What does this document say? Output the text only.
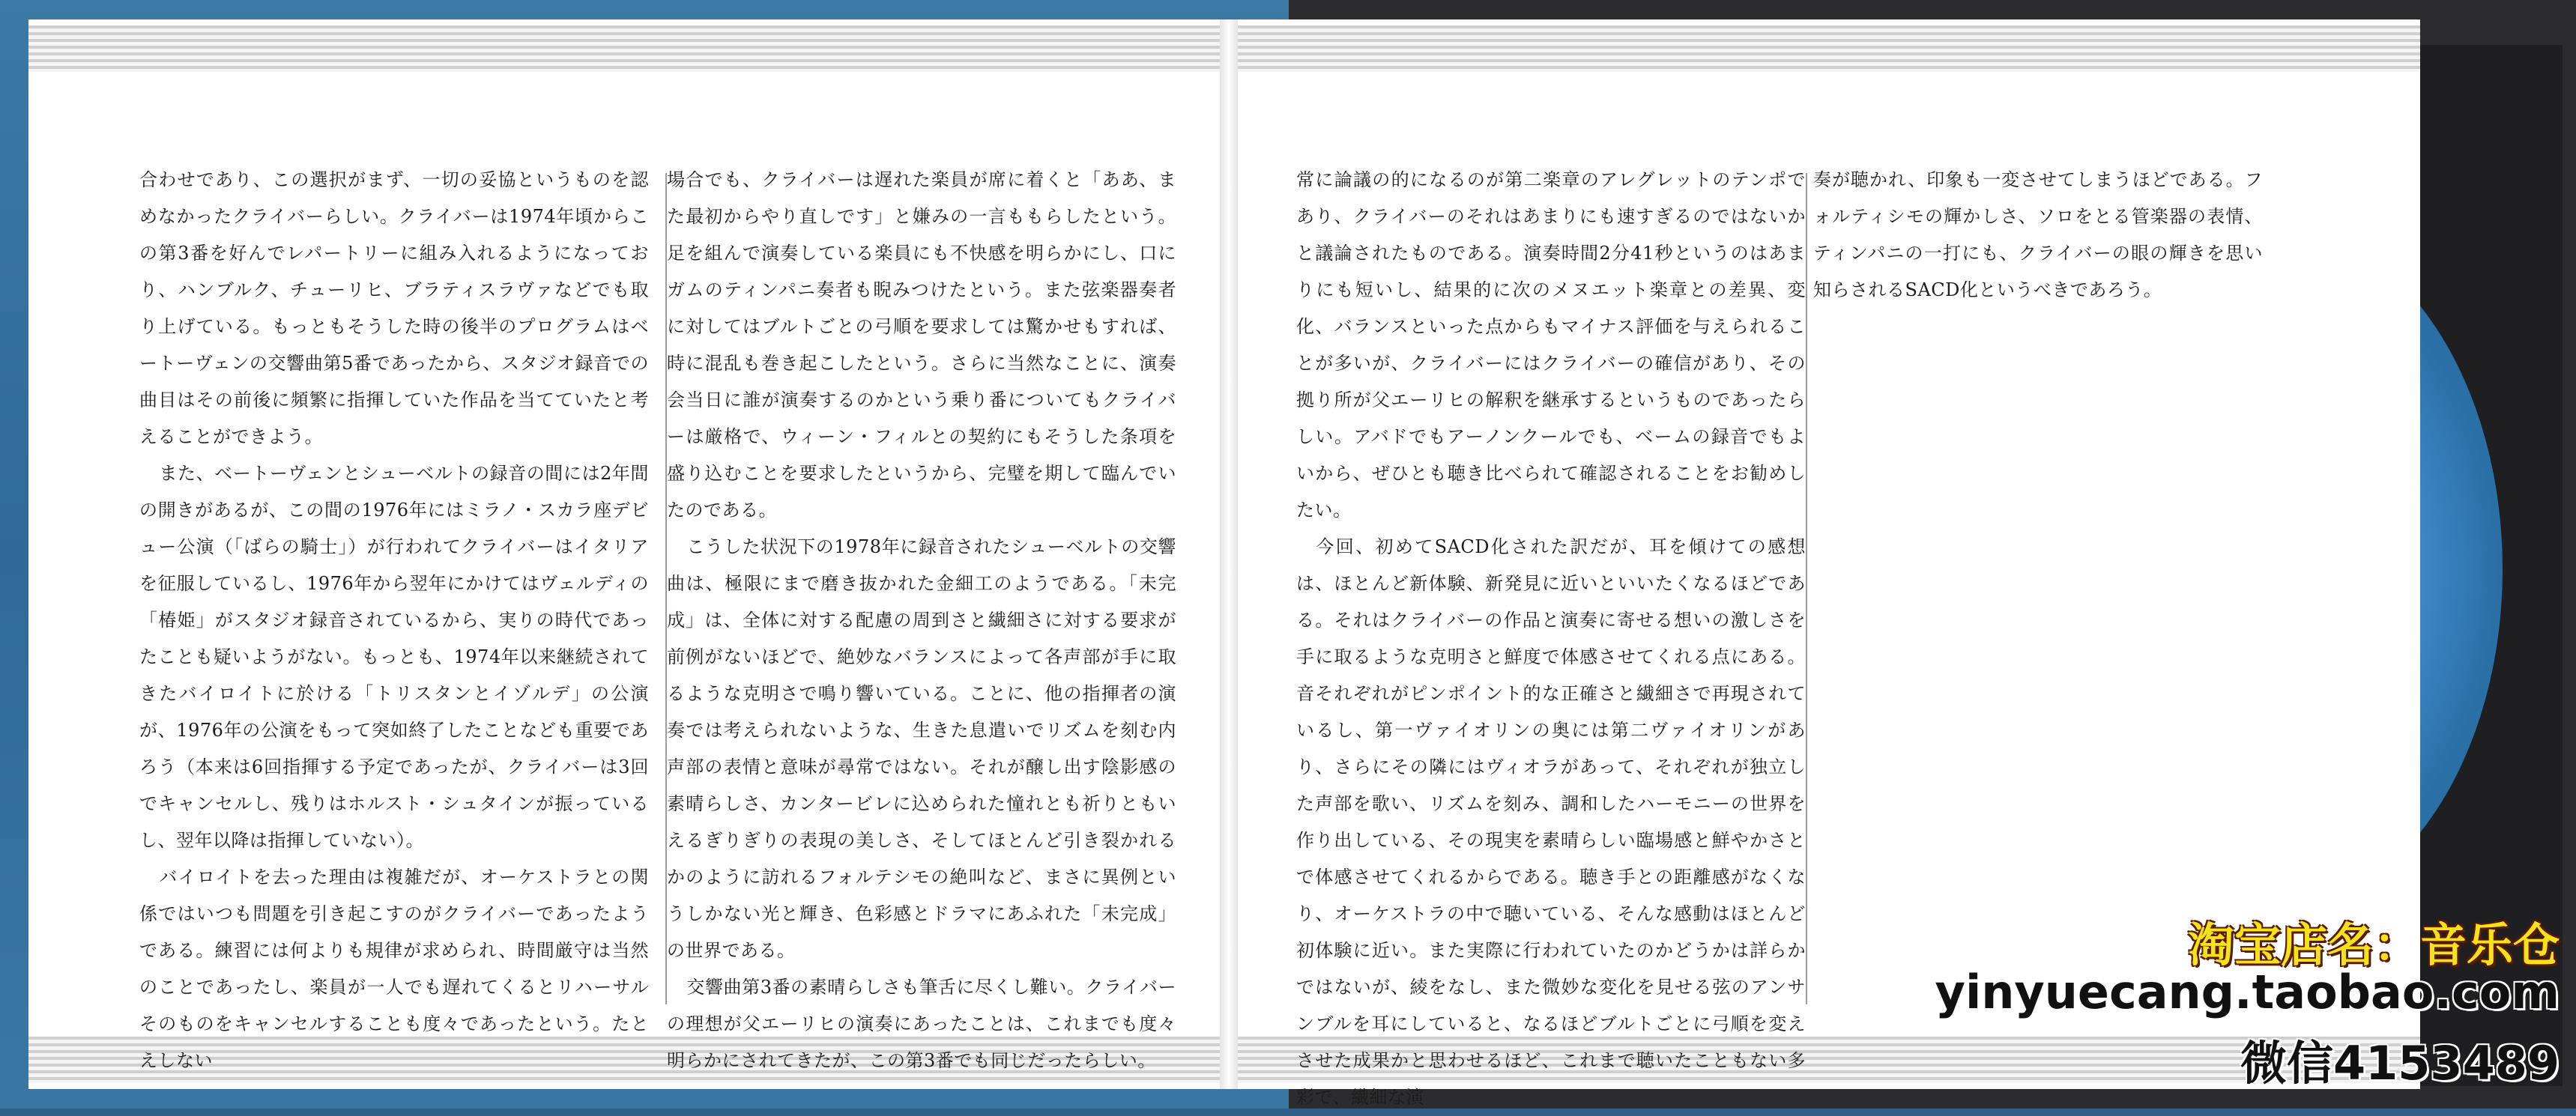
合わせであり、この選択がまず、一切の妥協というものを認めなかったクライバーらしい。クライバーは1974年頃からこの第3番を好んでレパートリーに組み入れるようになっており、ハンブルク、チューリヒ、ブラティスラヴァなどでも取り上げている。もっともそうした時の後半のプログラムはベートーヴェンの交響曲第5番であったから、スタジオ録音での曲目はその前後に頻繁に指揮していた作品を当てていたと考えることができよう。

また、ベートーヴェンとシューベルトの録音の間には2年間の開きがあるが、この間の1976年にはミラノ・スカラ座デビュー公演（「ばらの騎士」）が行われてクライバーはイタリアを征服しているし、1976年から翌年にかけてはヴェルディの「椿姫」がスタジオ録音されているから、実りの時代であったことも疑いようがない。もっとも、1974年以来継続されてきたバイロイトに於ける「トリスタンとイゾルデ」の公演が、1976年の公演をもって突如終了したことなども重要であろう（本来は6回指揮する予定であったが、クライバーは3回でキャンセルし、残りはホルスト・シュタインが振っているし、翌年以降は指揮していない）。

バイロイトを去った理由は複雑だが、オーケストラとの関係ではいつも問題を引き起こすのがクライバーであったようである。練習には何よりも規律が求められ、時間厳守は当然のことであったし、楽員が一人でも遅れてくるとリハーサルそのものをキャンセルすることも度々であったという。たとえしない

場合でも、クライバーは遅れた楽員が席に着くと「ああ、また最初からやり直しです」と嫌みの一言ももらしたという。足を組んで演奏している楽員にも不快感を明らかにし、口にガムのティンパニ奏者も睨みつけたという。また弦楽器奏者に対してはブルトごとの弓順を要求しては驚かせもすれば、時に混乱も巻き起こしたという。さらに当然なことに、演奏会当日に誰が演奏するのかという乗り番についてもクライバーは厳格で、ウィーン・フィルとの契約にもそうした条項を盛り込むことを要求したというから、完璧を期して臨んでいたのである。

こうした状況下の1978年に録音されたシューベルトの交響曲は、極限にまで磨き抜かれた金細工のようである。「未完成」は、全体に対する配慮の周到さと繊細さに対する要求が前例がないほどで、絶妙なバランスによって各声部が手に取るような克明さで鳴り響いている。ことに、他の指揮者の演奏では考えられないような、生きた息遣いでリズムを刻む内声部の表情と意味が尋常ではない。それが醸し出す陰影感の素晴らしさ、カンタービレに込められた憧れとも祈りともいえるぎりぎりの表現の美しさ、そしてほとんど引き裂かれるかのように訪れるフォルテシモの絶叫など、まさに異例というしかない光と輝き、色彩感とドラマにあふれた「未完成」の世界である。

交響曲第3番の素晴らしさも筆舌に尽くし難い。クライバーの理想が父エーリヒの演奏にあったことは、これまでも度々明らかにされてきたが、この第3番でも同じだったらしい。

常に論議の的になるのが第二楽章のアレグレットのテンポであり、クライバーのそれはあまりにも速すぎるのではないかと議論されたものである。演奏時間2分41秒というのはあまりにも短いし、結果的に次のメヌエット楽章との差異、変化、バランスといった点からもマイナス評価を与えられることが多いが、クライバーにはクライバーの確信があり、その拠り所が父エーリヒの解釈を継承するというものであったらしい。アバドでもアーノンクールでも、ベームの録音でもよいから、ぜひとも聴き比べられて確認されることをお勧めしたい。

今回、初めてSACD化された訳だが、耳を傾けての感想は、ほとんど新体験、新発見に近いといいたくなるほどである。それはクライバーの作品と演奏に寄せる想いの激しさを手に取るような克明さと鮮度で体感させてくれる点にある。音それぞれがピンポイント的な正確さと繊細さで再現されているし、第一ヴァイオリンの奥には第二ヴァイオリンがあり、さらにその隣にはヴィオラがあって、それぞれが独立した声部を歌い、リズムを刻み、調和したハーモニーの世界を作り出している、その現実を素晴らしい臨場感と鮮やかさとで体感させてくれるからである。聴き手との距離感がなくなり、オーケストラの中で聴いている、そんな感動はほとんど初体験に近い。また実際に行われていたのかどうかは詳らかではないが、綾をなし、また微妙な変化を見せる弦のアンサンブルを耳にしていると、なるほどブルトごとに弓順を変えさせた成果かと思わせるほど、これまで聴いたこともない多彩で、繊細な演

奏が聴かれ、印象も一変させてしまうほどである。フォルティシモの輝かしさ、ソロをとる管楽器の表情、ティンパニの一打にも、クライバーの眼の輝きを思い知らされるSACD化というべきであろう。

淘宝店名：音乐仓
yinyuecang.taobao.com
微信4153489
